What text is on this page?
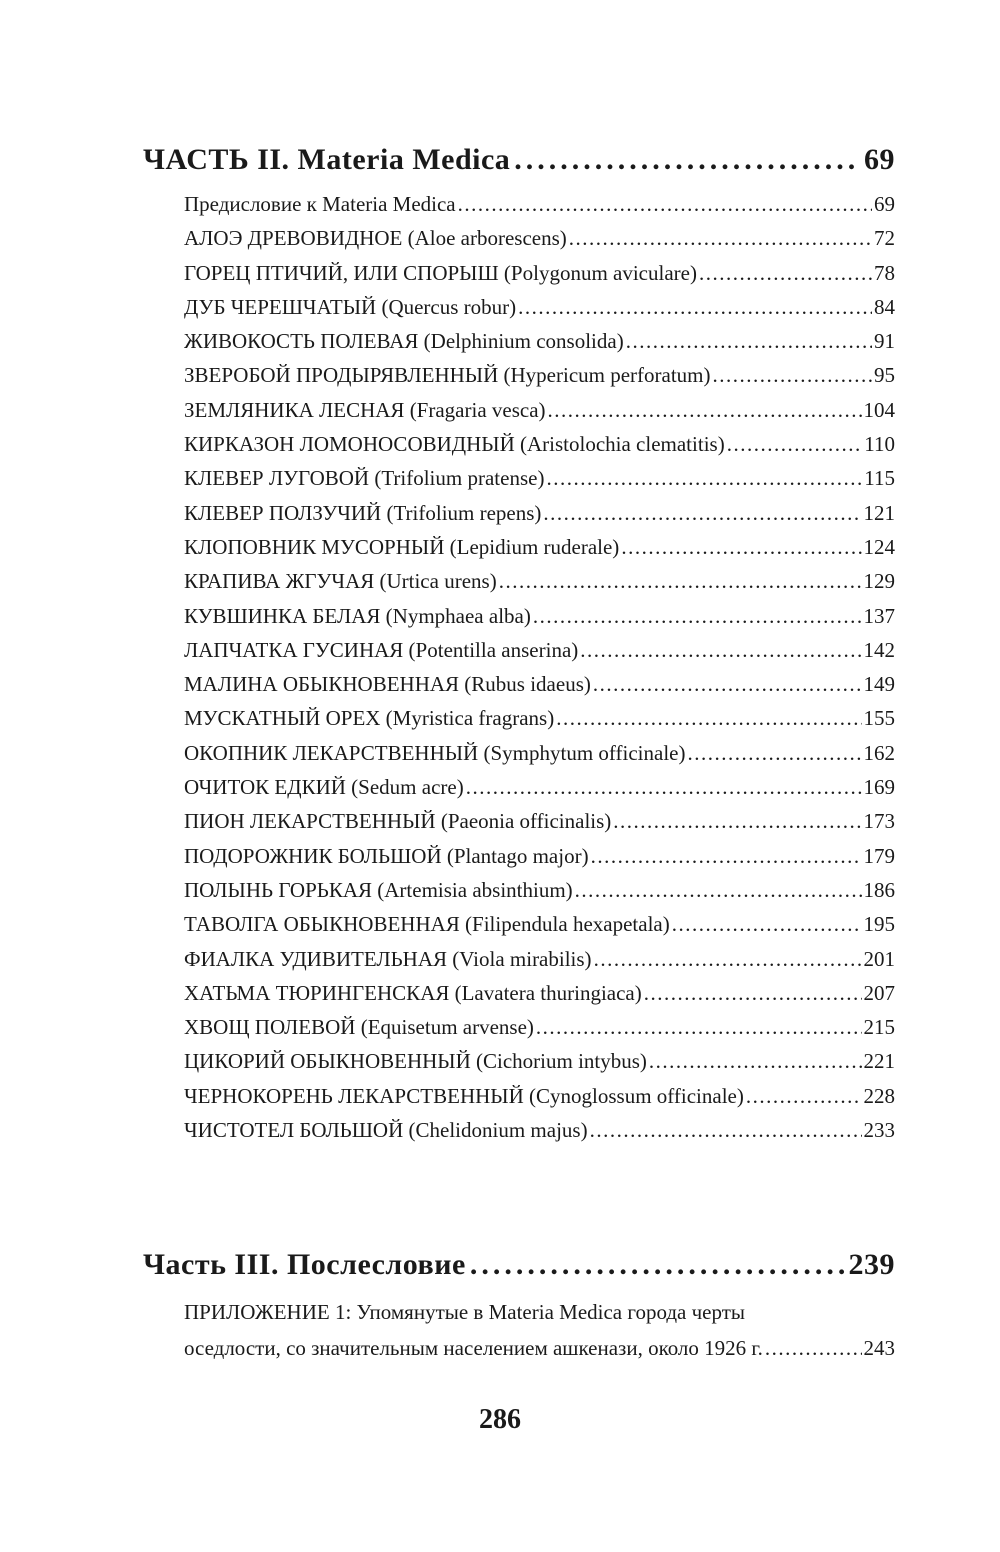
ЧАСТЬ II. Materia Medica .....	69
Предисловие к Materia Medica .....	69
АЛОЭ ДРЕВОВИДНОЕ (Aloe arborescens) .....	72
ГОРЕЦ ПТИЧИЙ, ИЛИ СПОРЫШ (Polygonum aviculare) .....	78
ДУБ ЧЕРЕШЧАТЫЙ (Quercus robur) .....	84
ЖИВОКОСТЬ ПОЛЕВАЯ (Delphinium consolida) .....	91
ЗВЕРОБОЙ ПРОДЫРЯВЛЕННЫЙ (Hypericum perforatum) .....	95
ЗЕМЛЯНИКА ЛЕСНАЯ (Fragaria vesca) .....	104
КИРКАЗОН ЛОМОНОСОВИДНЫЙ (Aristolochia clematitis) .....	110
КЛЕВЕР ЛУГОВОЙ (Trifolium pratense) .....	115
КЛЕВЕР ПОЛЗУЧИЙ (Trifolium repens) .....	121
КЛОПОВНИК МУСОРНЫЙ (Lepidium ruderale) .....	124
КРАПИВА ЖГУЧАЯ (Urtica urens) .....	129
КУВШИНКА БЕЛАЯ (Nymphaea alba) .....	137
ЛАПЧАТКА ГУСИНАЯ (Potentilla anserina) .....	142
МАЛИНА ОБЫКНОВЕННАЯ (Rubus idaeus) .....	149
МУСКАТНЫЙ ОРЕХ (Myristica fragrans) .....	155
ОКОПНИК ЛЕКАРСТВЕННЫЙ (Symphytum officinale) .....	162
ОЧИТОК ЕДКИЙ (Sedum acre) .....	169
ПИОН ЛЕКАРСТВЕННЫЙ (Paeonia officinalis) .....	173
ПОДОРОЖНИК БОЛЬШОЙ (Plantago major) .....	179
ПОЛЫНЬ ГОРЬКАЯ (Artemisia absinthium) .....	186
ТАВОЛГА ОБЫКНОВЕННАЯ (Filipendula hexapetala) .....	195
ФИАЛКА УДИВИТЕЛЬНАЯ (Viola mirabilis) .....	201
ХАТЬМА ТЮРИНГЕНСКАЯ (Lavatera thuringiaca) .....	207
ХВОЩ ПОЛЕВОЙ (Equisetum arvense) .....	215
ЦИКОРИЙ ОБЫКНОВЕННЫЙ (Cichorium intybus) .....	221
ЧЕРНОКОРЕНЬ ЛЕКАРСТВЕННЫЙ (Cynoglossum officinale) .....	228
ЧИСТОТЕЛ БОЛЬШОЙ (Chelidonium majus) .....	233
Часть III. Послесловие .....	239
ПРИЛОЖЕНИЕ 1: Упомянутые в Materia Medica города черты
оседлости, со значительным населением ашкенази, около 1926 г. .....	243
286
